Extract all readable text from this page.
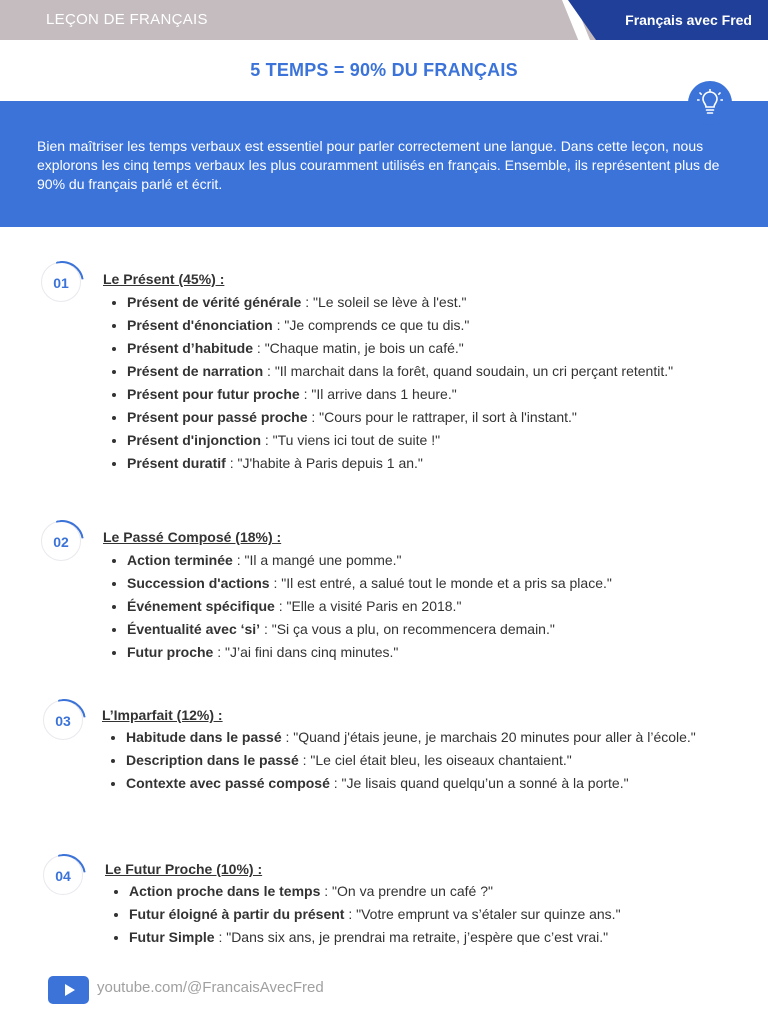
LEÇON DE FRANÇAIS	Français avec Fred
5 TEMPS = 90% DU FRANÇAIS
Bien maîtriser les temps verbaux est essentiel pour parler correctement une langue. Dans cette leçon, nous explorons les cinq temps verbaux les plus couramment utilisés en français. Ensemble, ils représentent plus de 90% du français parlé et écrit.
01	Le Présent (45%) :
• Présent de vérité générale : "Le soleil se lève à l'est."
• Présent d'énonciation : "Je comprends ce que tu dis."
• Présent d’habitude : "Chaque matin, je bois un café."
• Présent de narration : "Il marchait dans la forêt, quand soudain, un cri perçant retentit."
• Présent pour futur proche : "Il arrive dans 1 heure."
• Présent pour passé proche : "Cours pour le rattraper, il sort à l'instant."
• Présent d'injonction : "Tu viens ici tout de suite !"
• Présent duratif : "J'habite à Paris depuis 1 an."
02	Le Passé Composé (18%) :
• Action terminée : "Il a mangé une pomme."
• Succession d'actions : "Il est entré, a salué tout le monde et a pris sa place."
• Événement spécifique : "Elle a visité Paris en 2018."
• Éventualité avec ‘si’ : "Si ça vous a plu, on recommencera demain."
• Futur proche : "J’ai fini dans cinq minutes."
03	L’Imparfait (12%) :
• Habitude dans le passé : "Quand j'étais jeune, je marchais 20 minutes pour aller à l’école."
• Description dans le passé : "Le ciel était bleu, les oiseaux chantaient."
• Contexte avec passé composé : "Je lisais quand quelqu’un a sonné à la porte."
04	Le Futur Proche (10%) :
• Action proche dans le temps : "On va prendre un café ?"
• Futur éloigné à partir du présent : "Votre emprunt va s’étaler sur quinze ans."
• Futur Simple : "Dans six ans, je prendrai ma retraite, j’espère que c’est vrai."
youtube.com/@FrancaisAvecFred
